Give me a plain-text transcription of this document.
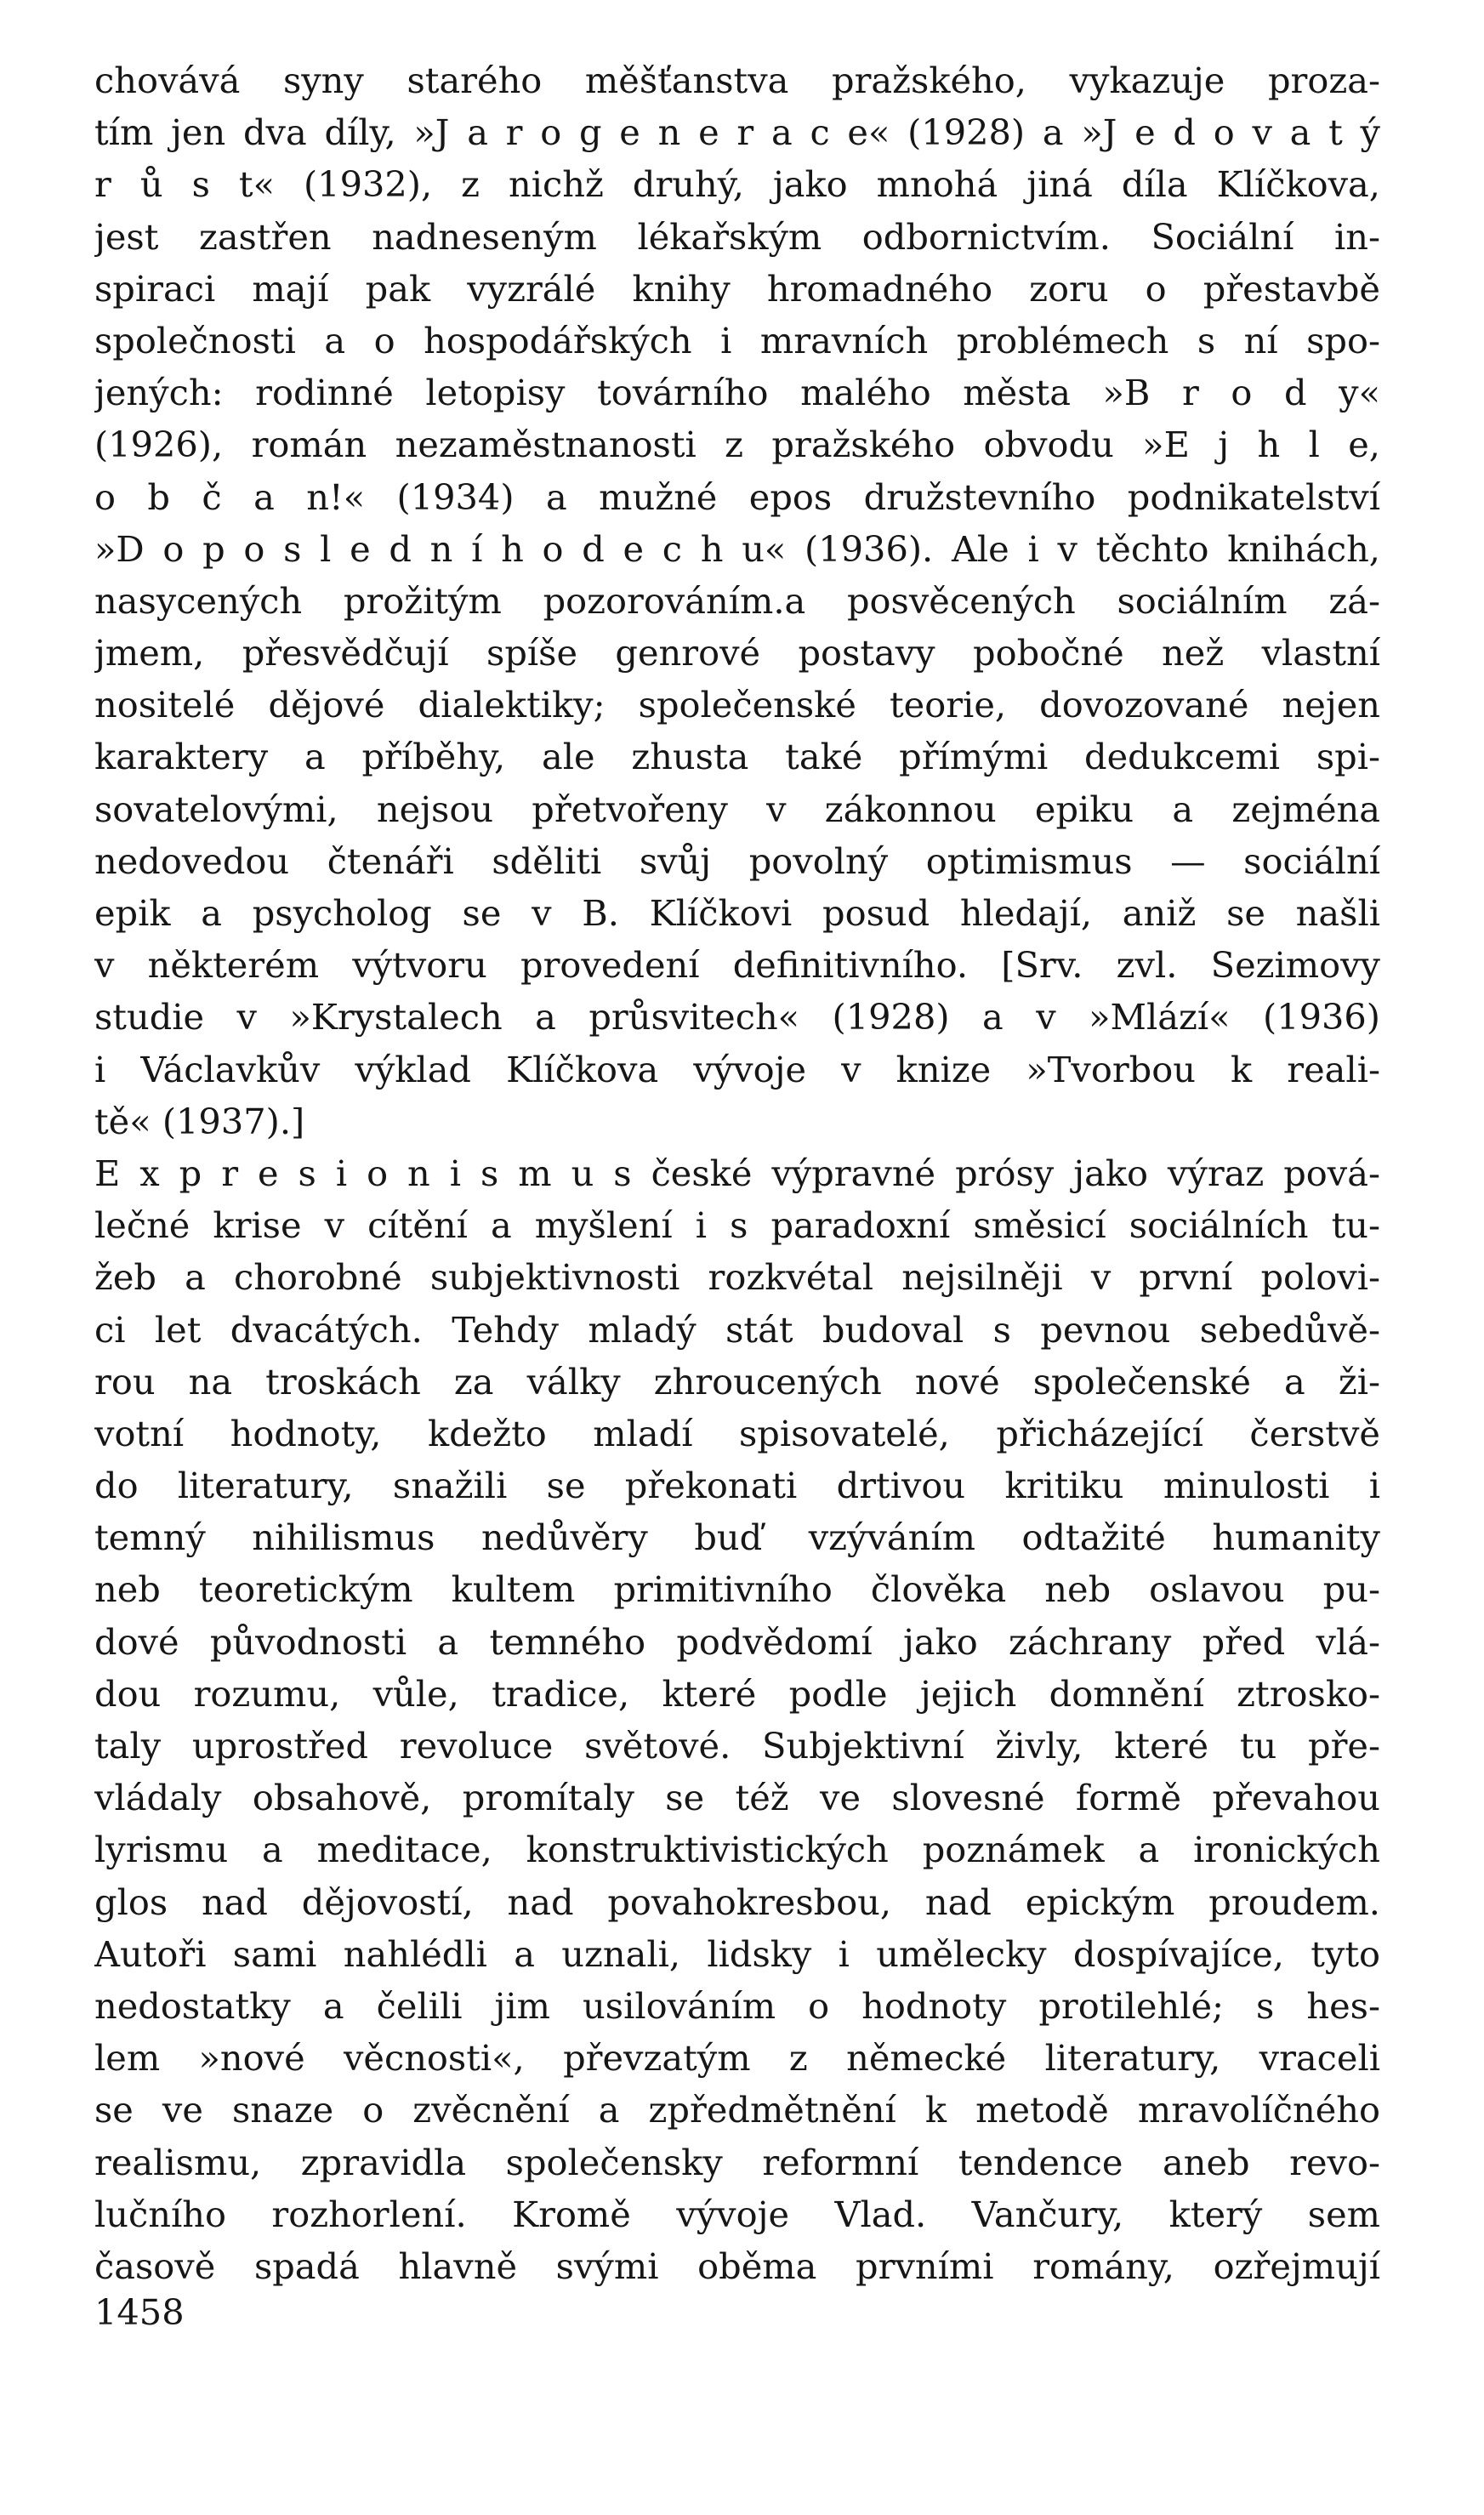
chovává syny starého měšťanstva pražského, vykazuje proza-
tím jen dva díly, »J a r o g e n e r a c e« (1928) a »J e d o v a t ý
r ů s t« (1932), z nichž druhý, jako mnohá jiná díla Klíčkova,
jest zastřen nadneseným lékařským odbornictvím. Sociální in-
spiraci mají pak vyzrálé knihy hromadného zoru o přestavbě
společnosti a o hospodářských i mravních problémech s ní spo-
jených: rodinné letopisy továrního malého města »B r o d y«
(1926), román nezaměstnanosti z pražského obvodu »E j h l e,
o b č a n!« (1934) a mužné epos družstevního podnikatelství
»D o p o s l e d n í h o d e c h u« (1936). Ale i v těchto knihách,
nasycených prožitým pozorováním.a posvěcených sociálním zá-
jmem, přesvědčují spíše genrové postavy pobočné než vlastní
nositelé dějové dialektiky; společenské teorie, dovozované nejen
karaktery a příběhy, ale zhusta také přímými dedukcemi spi-
sovatelovými, nejsou přetvořeny v zákonnou epiku a zejména
nedovedou čtenáři sděliti svůj povolný optimismus — sociální
epik a psycholog se v B. Klíčkovi posud hledají, aniž se našli
v některém výtvoru provedení definitivního. [Srv. zvl. Sezimovy
studie v »Krystalech a průsvitech« (1928) a v »Mlází« (1936)
i Václavkův výklad Klíčkova vývoje v knize »Tvorbou k reali-
tě« (1937).]
E x p r e s i o n i s m u s české výpravné prósy jako výraz pová-
lečné krise v cítění a myšlení i s paradoxní směsicí sociálních tu-
žeb a chorobné subjektivnosti rozkvétal nejsilněji v první polovi-
ci let dvacátých. Tehdy mladý stát budoval s pevnou sebedůvě-
rou na troskách za války zhroucených nové společenské a ži-
votní hodnoty, kdežto mladí spisovatelé, přicházející čerstvě
do literatury, snažili se překonati drtivou kritiku minulosti i
temný nihilismus nedůvěry buď vzýváním odtažité humanity
neb teoretickým kultem primitivního člověka neb oslavou pu-
dové původnosti a temného podvědomí jako záchrany před vlá-
dou rozumu, vůle, tradice, které podle jejich domnění ztrosko-
taly uprostřed revoluce světové. Subjektivní živly, které tu pře-
vládaly obsahově, promítaly se též ve slovesné formě převahou
lyrismu a meditace, konstruktivistických poznámek a ironických
glos nad dějovostí, nad povahokresbou, nad epickým proudem.
Autoři sami nahlédli a uznali, lidsky i umělecky dospívajíce, tyto
nedostatky a čelili jim usilováním o hodnoty protilehlé; s hes-
lem »nové věcnosti«, převzatým z německé literatury, vraceli
se ve snaze o zvěcnění a zpředmětnění k metodě mravolíčného
realismu, zpravidla společensky reformní tendence aneb revo-
lučního rozhorlení. Kromě vývoje Vlad. Vančury, který sem
časově spadá hlavně svými oběma prvními romány, ozřejmují
1458
